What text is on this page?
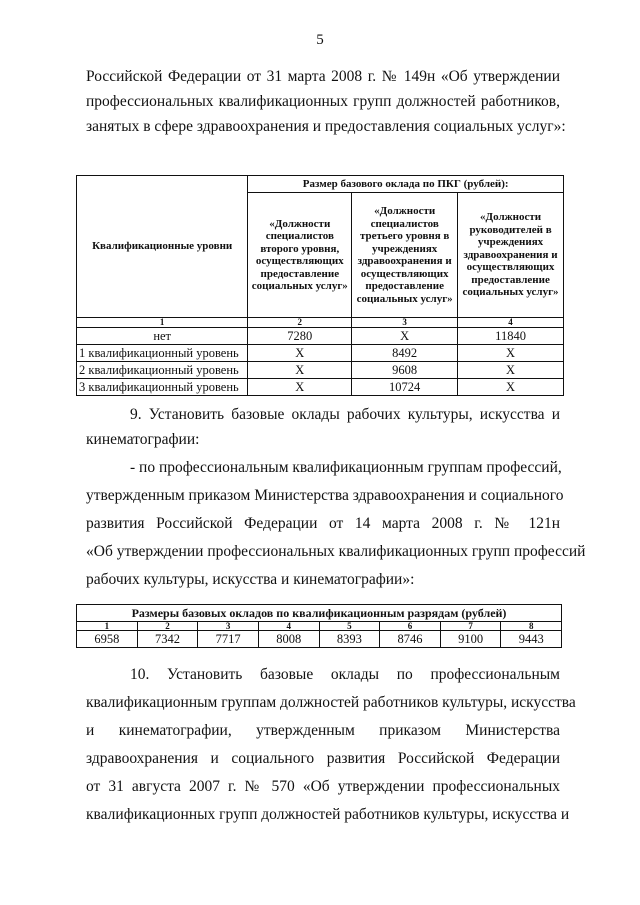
5
Российской Федерации от 31 марта 2008 г. № 149н «Об утверждении
профессиональных квалификационных групп должностей работников,
занятых в сфере здравоохранения и предоставления социальных услуг»:
Квалификационные уровни	Размер базового оклада по ПКГ (рублей):		
	«Должности специалистов второго уровня, осуществляющих предоставление социальных услуг»	«Должности специалистов третьего уровня в учреждениях здравоохранения и осуществляющих предоставление социальных услуг»	«Должности руководителей в учреждениях здравоохранения и осуществляющих предоставление социальных услуг»
1	2	3	4
нет	7280	X	11840
1 квалификационный уровень	X	8492	X
2 квалификационный уровень	X	9608	X
3 квалификационный уровень	X	10724	X
9. Установить базовые оклады рабочих культуры, искусства и
кинематографии:
- по профессиональным квалификационным группам профессий,
утвержденным приказом Министерства здравоохранения и социального
развития Российской Федерации от 14 марта 2008 г. № 121н
«Об утверждении профессиональных квалификационных групп профессий
рабочих культуры, искусства и кинематографии»:
Размеры базовых окладов по квалификационным разрядам (рублей)							
1	2	3	4	5	6	7	8
6958	7342	7717	8008	8393	8746	9100	9443
10. Установить базовые оклады по профессиональным
квалификационным группам должностей работников культуры, искусства
и кинематографии, утвержденным приказом Министерства
здравоохранения и социального развития Российской Федерации
от 31 августа 2007 г. № 570 «Об утверждении профессиональных
квалификационных групп должностей работников культуры, искусства и
